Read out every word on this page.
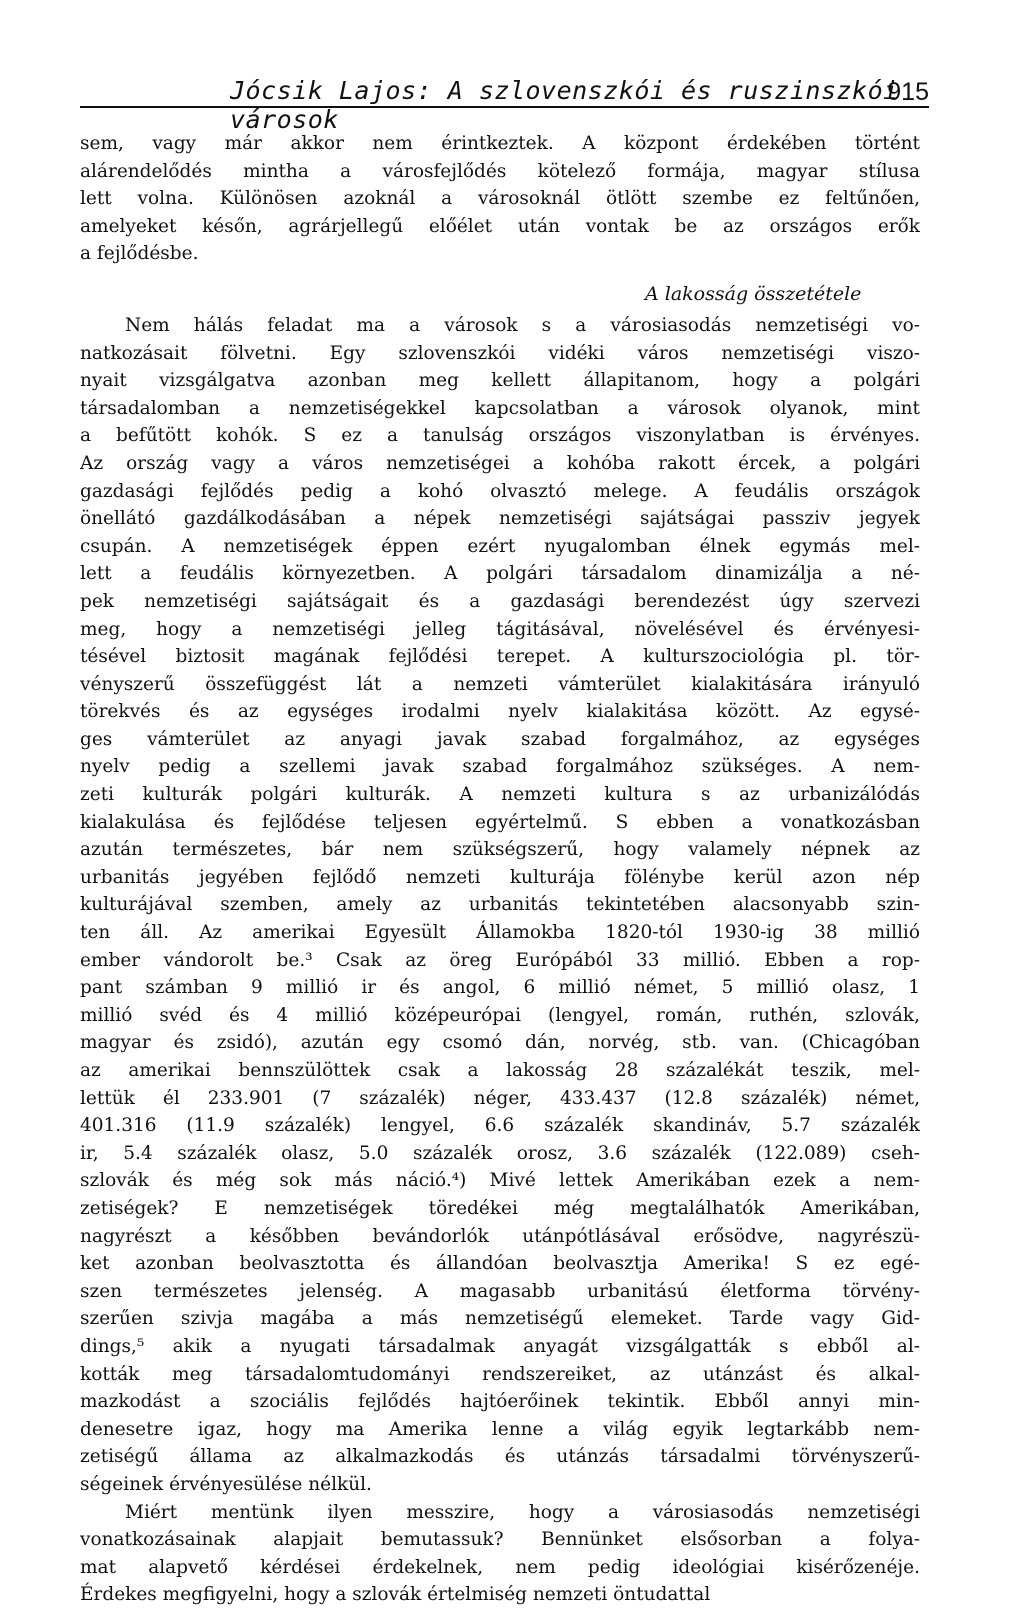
Jócsik Lajos: A szlovenszkói és ruszinszkói városok
915
sem, vagy már akkor nem érintkeztek. A központ érdekében történt
alárendelődés mintha a városfejlődés kötelező formája, magyar stílusa
lett volna. Különösen azoknál a városoknál ötlött szembe ez feltűnően,
amelyeket későn, agrárjellegű előélet után vontak be az országos erők
a fejlődésbe.
A lakosság összetétele
Nem hálás feladat ma a városok s a városiasodás nemzetiségi vo-
natkozásait fölvetni. Egy szlovenszkói vidéki város nemzetiségi viszo-
nyait vizsgálgatva azonban meg kellett állapitanom, hogy a polgári
társadalomban a nemzetiségekkel kapcsolatban a városok olyanok, mint
a befűtött kohók. S ez a tanulság országos viszonylatban is érvényes.
Az ország vagy a város nemzetiségei a kohóba rakott ércek, a polgári
gazdasági fejlődés pedig a kohó olvasztó melege. A feudális országok
önellátó gazdálkodásában a népek nemzetiségi sajátságai passziv jegyek
csupán. A nemzetiségek éppen ezért nyugalomban élnek egymás mel-
lett a feudális környezetben. A polgári társadalom dinamizálja a né-
pek nemzetiségi sajátságait és a gazdasági berendezést úgy szervezi
meg, hogy a nemzetiségi jelleg tágitásával, növelésével és érvényesi-
tésével biztosit magának fejlődési terepet. A kulturszociológia pl. tör-
vényszerű összefüggést lát a nemzeti vámterület kialakitására irányuló
törekvés és az egységes irodalmi nyelv kialakitása között. Az egysé-
ges vámterület az anyagi javak szabad forgalmához, az egységes
nyelv pedig a szellemi javak szabad forgalmához szükséges. A nem-
zeti kulturák polgári kulturák. A nemzeti kultura s az urbanizálódás
kialakulása és fejlődése teljesen egyértelmű. S ebben a vonatkozásban
azután természetes, bár nem szükségszerű, hogy valamely népnek az
urbanitás jegyében fejlődő nemzeti kulturája fölénybe kerül azon nép
kulturájával szemben, amely az urbanitás tekintetében alacsonyabb szin-
ten áll. Az amerikai Egyesült Államokba 1820-tól 1930-ig 38 millió
ember vándorolt be.³ Csak az öreg Európából 33 millió. Ebben a rop-
pant számban 9 millió ir és angol, 6 millió német, 5 millió olasz, 1
millió svéd és 4 millió középeurópai (lengyel, román, ruthén, szlovák,
magyar és zsidó), azután egy csomó dán, norvég, stb. van. (Chicagóban
az amerikai bennszülöttek csak a lakosság 28 százalékát teszik, mel-
lettük él 233.901 (7 százalék) néger, 433.437 (12.8 százalék) német,
401.316 (11.9 százalék) lengyel, 6.6 százalék skandináv, 5.7 százalék
ir, 5.4 százalék olasz, 5.0 százalék orosz, 3.6 százalék (122.089) cseh-
szlovák és még sok más náció.⁴) Mivé lettek Amerikában ezek a nem-
zetiségek? E nemzetiségek töredékei még megtalálhatók Amerikában,
nagyrészt a későbben bevándorlók utánpótlásával erősödve, nagyrészü-
ket azonban beolvasztotta és állandóan beolvasztja Amerika! S ez egé-
szen természetes jelenség. A magasabb urbanitású életforma törvény-
szerűen szivja magába a más nemzetiségű elemeket. Tarde vagy Gid-
dings,⁵ akik a nyugati társadalmak anyagát vizsgálgatták s ebből al-
kották meg társadalomtudományi rendszereiket, az utánzást és alkal-
mazkodást a szociális fejlődés hajtóerőinek tekintik. Ebből annyi min-
denesetre igaz, hogy ma Amerika lenne a világ egyik legtarkább nem-
zetiségű állama az alkalmazkodás és utánzás társadalmi törvényszerű-
ségeinek érvényesülése nélkül.
Miért mentünk ilyen messzire, hogy a városiasodás nemzetiségi
vonatkozásainak alapjait bemutassuk? Bennünket elsősorban a folya-
mat alapvető kérdései érdekelnek, nem pedig ideológiai kisérőzenéje.
Érdekes megfigyelni, hogy a szlovák értelmiség nemzeti öntudattal
